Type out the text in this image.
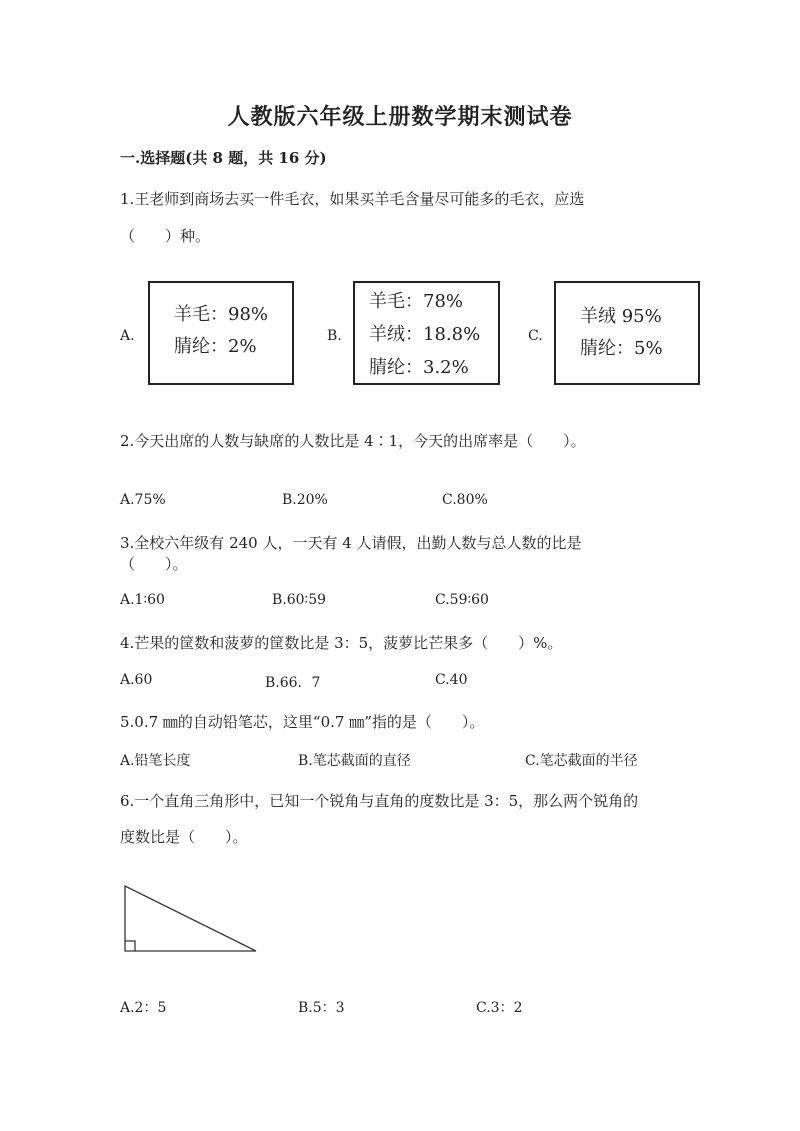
人教版六年级上册数学期末测试卷
一.选择题(共 8 题，共 16 分)
1.王老师到商场去买一件毛衣，如果买羊毛含量尽可能多的毛衣，应选
（　　）种。
A.
羊毛：98%
腈纶：2%	B.
羊毛：78%
羊绒：18.8%
腈纶：3.2%
C.
羊绒 95%
腈纶：5%
2.今天出席的人数与缺席的人数比是 4∶1，今天的出席率是（　　）。
A.75%	B.20%	C.80%
3.全校六年级有 240 人，一天有 4 人请假，出勤人数与总人数的比是
（　　）。
A.1∶60	B.60∶59	C.59∶60
4.芒果的筐数和菠萝的筐数比是 3：5，菠萝比芒果多（　　）%。
A.60	B.66．7	C.40
5.0.7 ㎜的自动铅笔芯，这里“0.7 ㎜”指的是（　　）。
A.铅笔长度	B.笔芯截面的直径	C.笔芯截面的半径
6.一个直角三角形中，已知一个锐角与直角的度数比是 3：5，那么两个锐角的
度数比是（　　）。
A.2：5	B.5：3	C.3：2
